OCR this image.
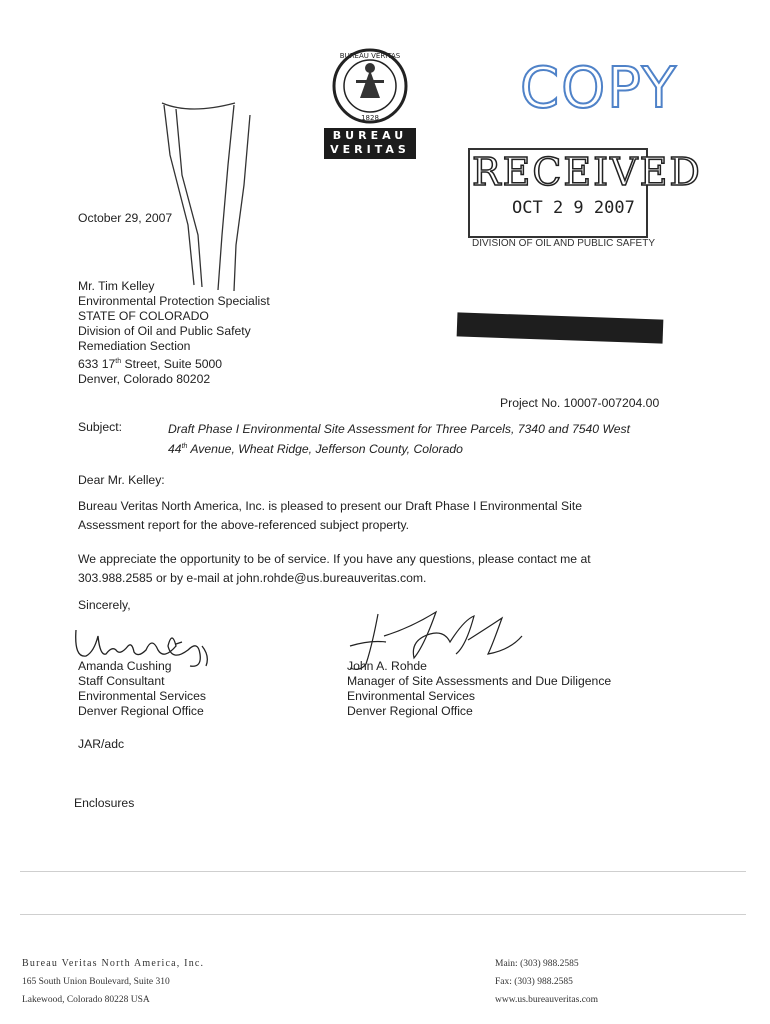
BUREAU VERITAS
1828
BUREAU
VERITAS
COPY
RECEIVED
OCT 2 9 2007
DIVISION OF OIL AND PUBLIC SAFETY
October 29, 2007
Mr. Tim Kelley
Environmental Protection Specialist
STATE OF COLORADO
Division of Oil and Public Safety
Remediation Section
633 17th Street, Suite 5000
Denver, Colorado 80202
Project No. 10007-007204.00
Subject:	Draft Phase I Environmental Site Assessment for Three Parcels, 7340 and 7540 West
44th Avenue, Wheat Ridge, Jefferson County, Colorado
Dear Mr. Kelley:
Bureau Veritas North America, Inc. is pleased to present our Draft Phase I Environmental Site
Assessment report for the above-referenced subject property.
We appreciate the opportunity to be of service. If you have any questions, please contact me at
303.988.2585 or by e-mail at john.rohde@us.bureauveritas.com.
Sincerely,
Amanda Cushing
Staff Consultant
Environmental Services
Denver Regional Office
John A. Rohde
Manager of Site Assessments and Due Diligence
Environmental Services
Denver Regional Office
JAR/adc
Enclosures
Bureau Veritas North America, Inc.
165 South Union Boulevard, Suite 310
Lakewood, Colorado 80228 USA
Main: (303) 988.2585
Fax: (303) 988.2585
www.us.bureauveritas.com
